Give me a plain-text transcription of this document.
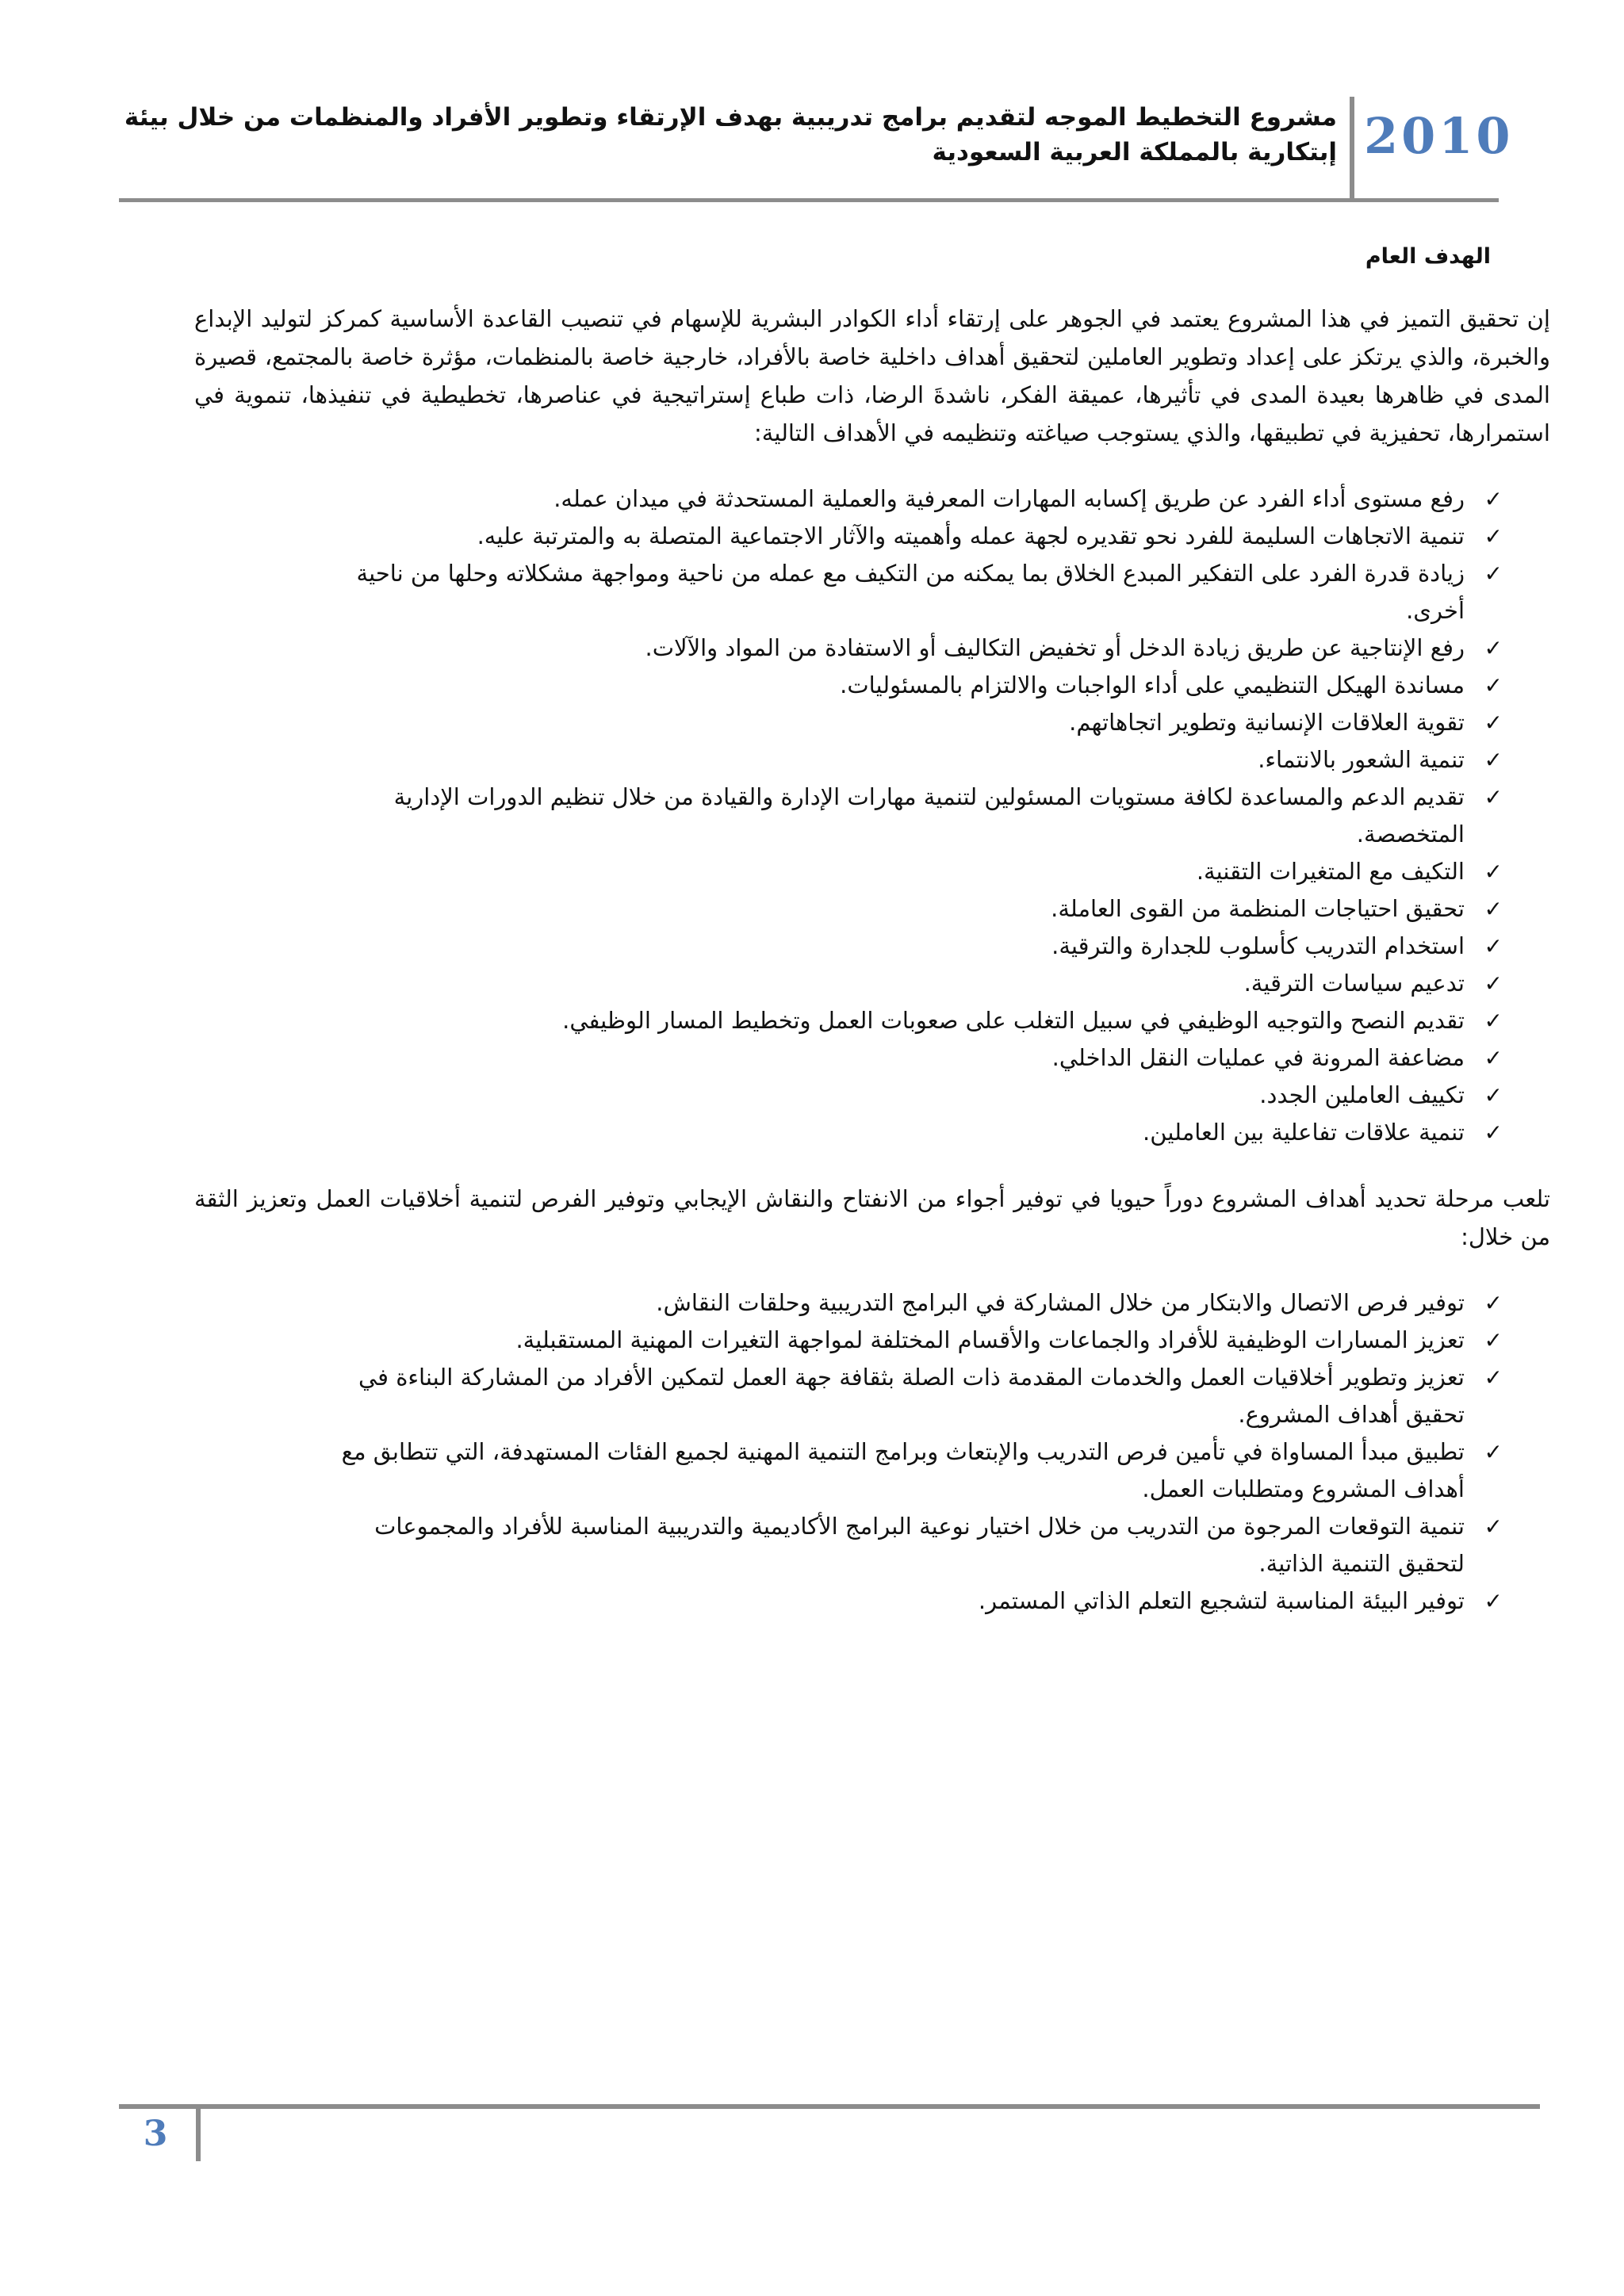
2010
مشروع التخطيط الموجه لتقديم برامج تدريبية بهدف الإرتقاء وتطوير الأفراد والمنظمات من خلال بيئة إبتكارية بالمملكة العربية السعودية
الهدف العام

إن تحقيق التميز في هذا المشروع يعتمد في الجوهر على إرتقاء أداء الكوادر البشرية للإسهام في تنصيب القاعدة الأساسية كمركز لتوليد الإبداع والخبرة، والذي يرتكز على إعداد وتطوير العاملين لتحقيق أهداف داخلية خاصة بالأفراد، خارجية خاصة بالمنظمات، مؤثرة خاصة بالمجتمع، قصيرة المدى في ظاهرها بعيدة المدى في تأثيرها، عميقة الفكر، ناشدةَ الرضا، ذات طباع إستراتيجية في عناصرها، تخطيطية في تنفيذها، تنموية في استمرارها، تحفيزية في تطبيقها، والذي يستوجب صياغته وتنظيمه في الأهداف التالية:

✓
رفع مستوى أداء الفرد عن طريق إكسابه المهارات المعرفية والعملية المستحدثة في ميدان عمله.
✓
تنمية الاتجاهات السليمة للفرد نحو تقديره لجهة عمله وأهميته والآثار الاجتماعية المتصلة به والمترتبة عليه.
✓
زيادة قدرة الفرد على التفكير المبدع الخلاق بما يمكنه من التكيف مع عمله من ناحية ومواجهة مشكلاته وحلها من ناحية أخرى.
✓
رفع الإنتاجية عن طريق زيادة الدخل أو تخفيض التكاليف أو الاستفادة من المواد والآلات.
✓
مساندة الهيكل التنظيمي على أداء الواجبات والالتزام بالمسئوليات.
✓
تقوية العلاقات الإنسانية وتطوير اتجاهاتهم.
✓
تنمية الشعور بالانتماء.
✓
تقديم الدعم والمساعدة لكافة مستويات المسئولين لتنمية مهارات الإدارة والقيادة من خلال تنظيم الدورات الإدارية المتخصصة.
✓
التكيف مع المتغيرات التقنية.
✓
تحقيق احتياجات المنظمة من القوى العاملة.
✓
استخدام التدريب كأسلوب للجدارة والترقية.
✓
تدعيم سياسات الترقية.
✓
تقديم النصح والتوجيه الوظيفي في سبيل التغلب على صعوبات العمل وتخطيط المسار الوظيفي.
✓
مضاعفة المرونة في عمليات النقل الداخلي.
✓
تكييف العاملين الجدد.
✓
تنمية علاقات تفاعلية بين العاملين.

تلعب مرحلة تحديد أهداف المشروع دوراً حيويا في توفير أجواء من الانفتاح والنقاش الإيجابي وتوفير الفرص لتنمية أخلاقيات العمل وتعزيز الثقة من خلال:

✓
توفير فرص الاتصال والابتكار من خلال المشاركة في البرامج التدريبية وحلقات النقاش.
✓
تعزيز المسارات الوظيفية للأفراد والجماعات والأقسام المختلفة لمواجهة التغيرات المهنية المستقبلية.
✓
تعزيز وتطوير أخلاقيات العمل والخدمات المقدمة ذات الصلة بثقافة جهة العمل لتمكين الأفراد من المشاركة البناءة في تحقيق أهداف المشروع.
✓
تطبيق مبدأ المساواة في تأمين فرص التدريب والإبتعاث وبرامج التنمية المهنية لجميع الفئات المستهدفة، التي تتطابق مع أهداف المشروع ومتطلبات العمل.
✓
تنمية التوقعات المرجوة من التدريب من خلال اختيار نوعية البرامج الأكاديمية والتدريبية المناسبة للأفراد والمجموعات لتحقيق التنمية الذاتية.
✓
توفير البيئة المناسبة لتشجيع التعلم الذاتي المستمر.
3
